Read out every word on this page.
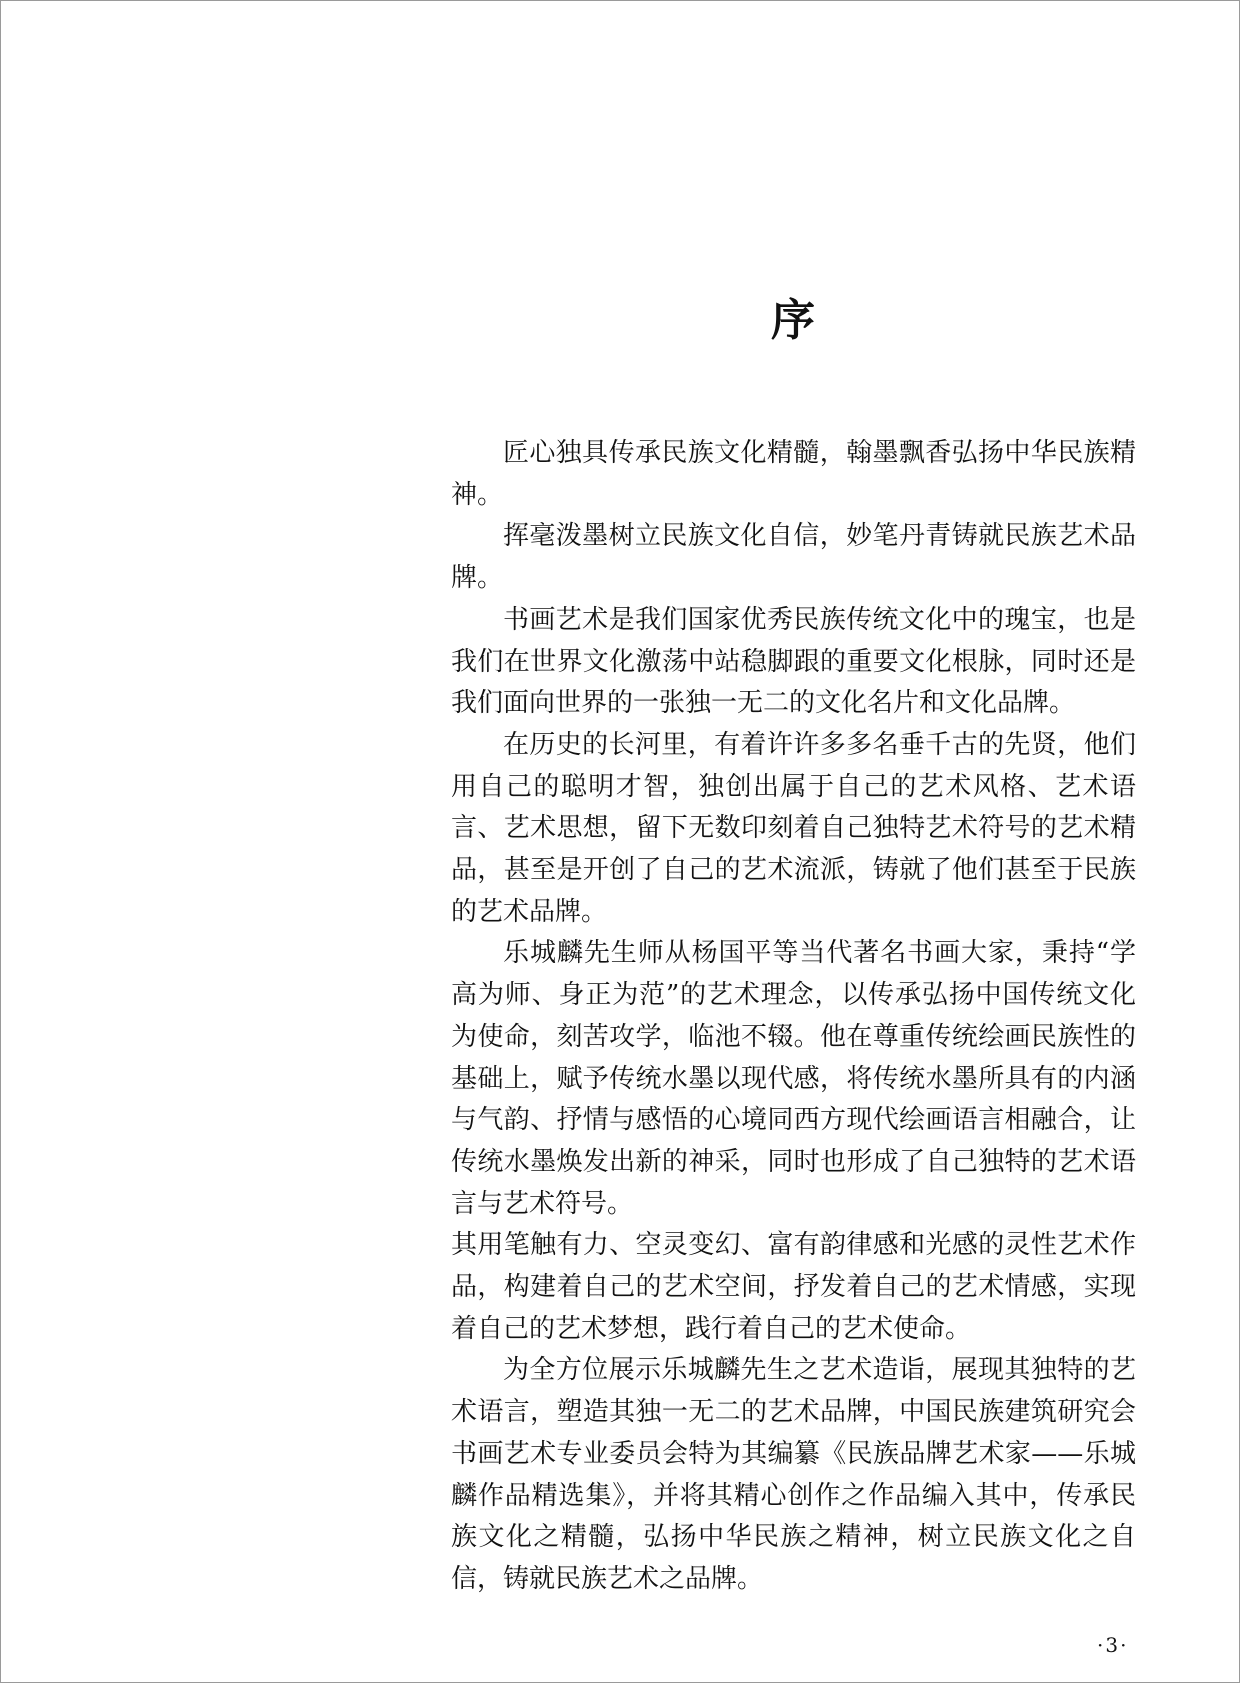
序

匠心独具传承民族文化精髓，翰墨飘香弘扬中华民族精神。

挥毫泼墨树立民族文化自信，妙笔丹青铸就民族艺术品牌。

书画艺术是我们国家优秀民族传统文化中的瑰宝，也是我们在世界文化激荡中站稳脚跟的重要文化根脉，同时还是我们面向世界的一张独一无二的文化名片和文化品牌。

在历史的长河里，有着许许多多名垂千古的先贤，他们用自己的聪明才智，独创出属于自己的艺术风格、艺术语言、艺术思想，留下无数印刻着自己独特艺术符号的艺术精品，甚至是开创了自己的艺术流派，铸就了他们甚至于民族的艺术品牌。

乐城麟先生师从杨国平等当代著名书画大家，秉持“学高为师、身正为范”的艺术理念，以传承弘扬中国传统文化为使命，刻苦攻学，临池不辍。他在尊重传统绘画民族性的基础上，赋予传统水墨以现代感，将传统水墨所具有的内涵与气韵、抒情与感悟的心境同西方现代绘画语言相融合，让传统水墨焕发出新的神采，同时也形成了自己独特的艺术语言与艺术符号。

其用笔触有力、空灵变幻、富有韵律感和光感的灵性艺术作品，构建着自己的艺术空间，抒发着自己的艺术情感，实现着自己的艺术梦想，践行着自己的艺术使命。

为全方位展示乐城麟先生之艺术造诣，展现其独特的艺术语言，塑造其独一无二的艺术品牌，中国民族建筑研究会书画艺术专业委员会特为其编纂《民族品牌艺术家——乐城麟作品精选集》，并将其精心创作之作品编入其中，传承民族文化之精髓，弘扬中华民族之精神，树立民族文化之自信，铸就民族艺术之品牌。

·3·
